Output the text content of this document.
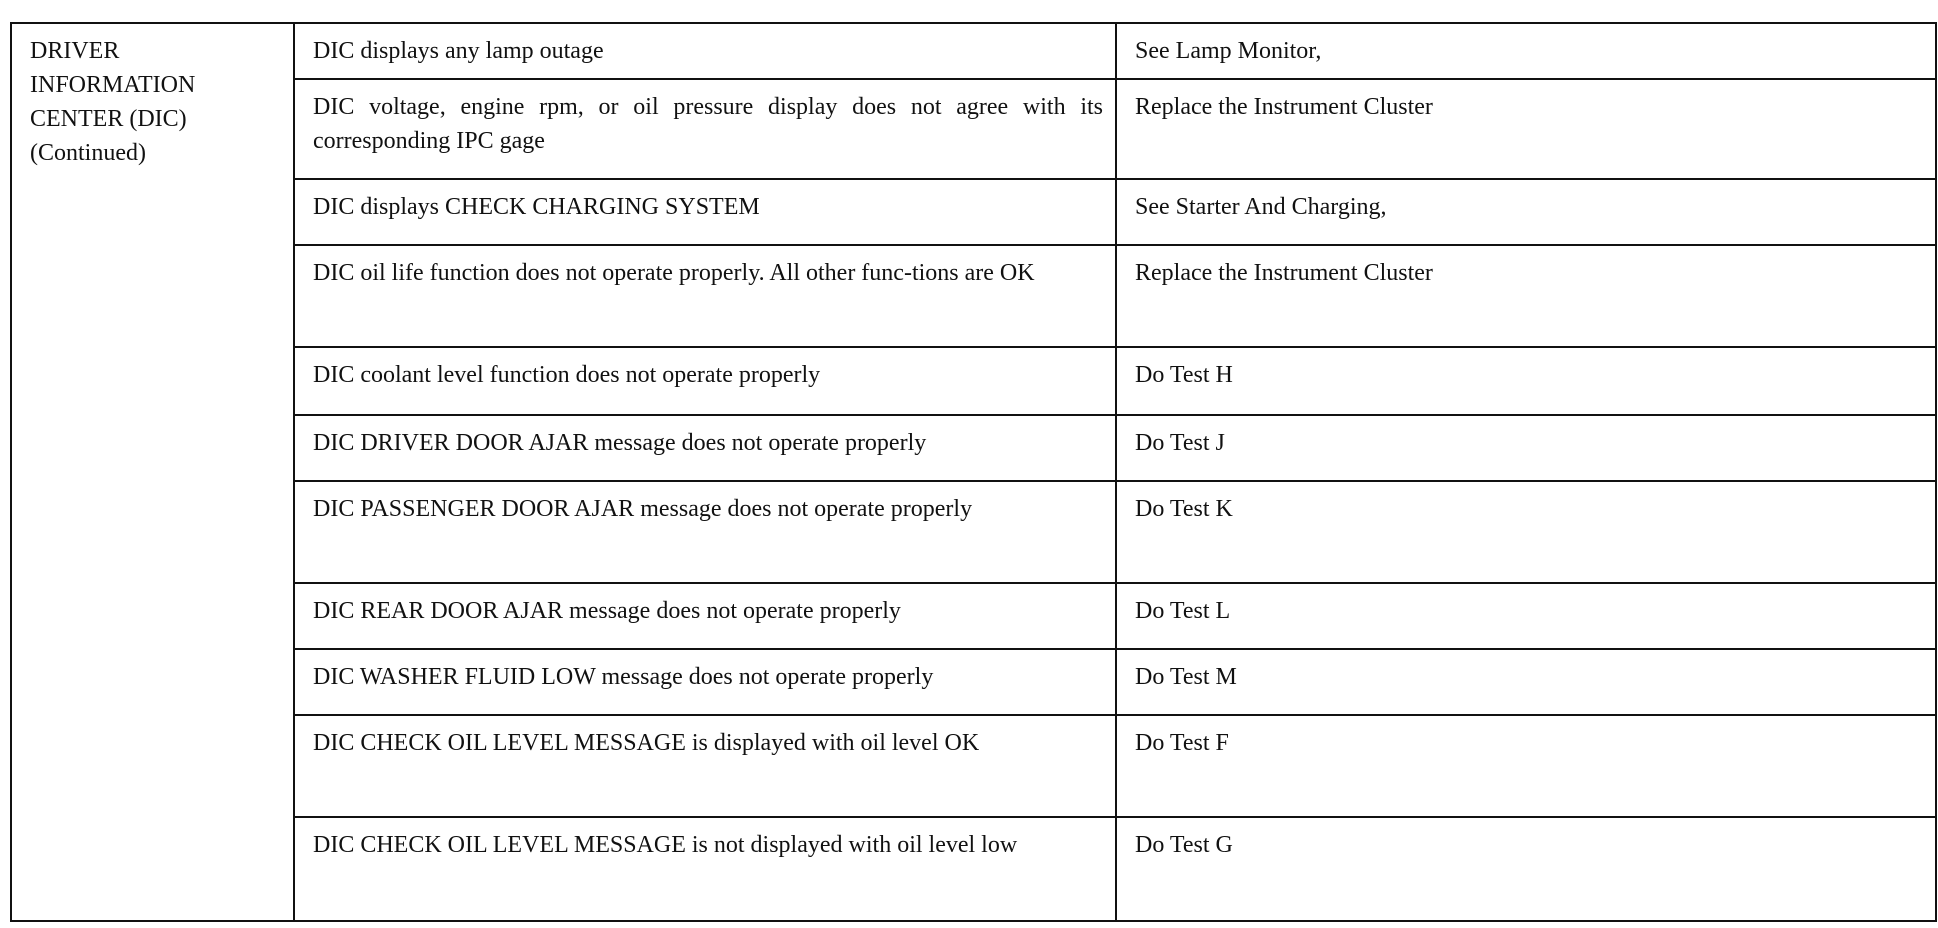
DRIVER
INFORMATION
CENTER (DIC)
(Continued)	DIC displays any lamp outage	See Lamp Monitor,
	DIC voltage, engine rpm, or oil pressure display does not agree with its corresponding IPC gage	Replace the Instrument Cluster
	DIC displays CHECK CHARGING SYSTEM	See Starter And Charging,
	DIC oil life function does not operate properly. All other func-tions are OK	Replace the Instrument Cluster
	DIC coolant level function does not operate properly	Do Test H
	DIC DRIVER DOOR AJAR message does not operate properly	Do Test J
	DIC PASSENGER DOOR AJAR message does not operate properly	Do Test K
	DIC REAR DOOR AJAR message does not operate properly	Do Test L
	DIC WASHER FLUID LOW message does not operate properly	Do Test M
	DIC CHECK OIL LEVEL MESSAGE is displayed with oil level OK	Do Test F
	DIC CHECK OIL LEVEL MESSAGE is not displayed with oil level low	Do Test G
